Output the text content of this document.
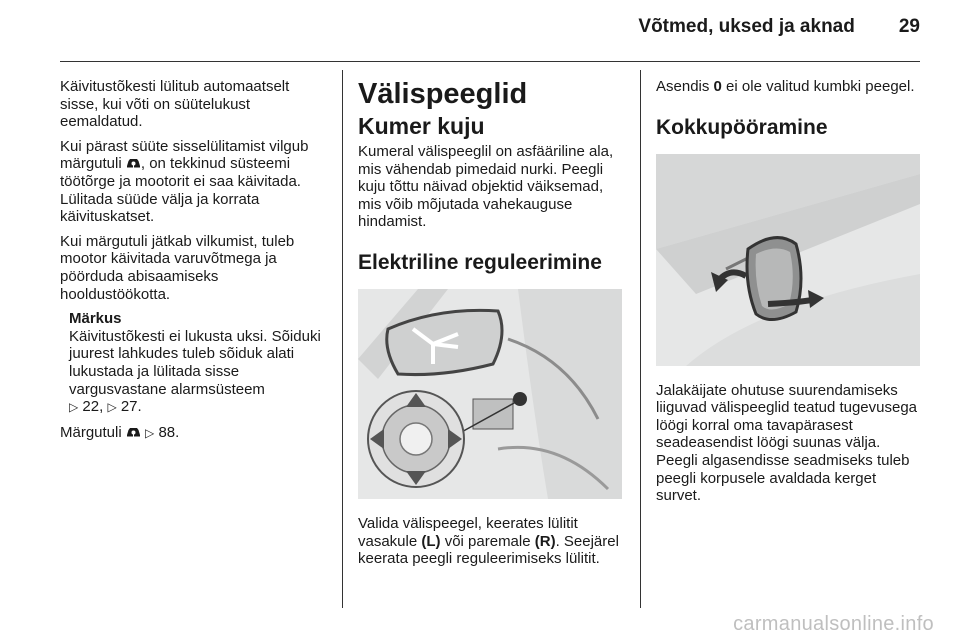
Võtmed, uksed ja aknad 29

Käivitustõkesti lülitub automaatselt sisse, kui võti on süütelukust eemaldatud.

Kui pärast süüte sisselülitamist vilgub märgutuli , on tekkinud süsteemi töötõrge ja mootorit ei saa käivitada. Lülitada süüde välja ja korrata käivituskatset.

Kui märgutuli jätkab vilkumist, tuleb mootor käivitada varuvõtmega ja pöörduda abisaamiseks hooldustöökotta.

Märkus
Käivitustõkesti ei lukusta uksi. Sõiduki juurest lahkudes tuleb sõiduk alati lukustada ja lülitada sisse vargusvastane alarmsüsteem
▷ 22, ▷ 27.

Märgutuli  ▷ 88.

Välispeeglid
Kumer kuju

Kumeral välispeeglil on asfääriline ala, mis vähendab pimedaid nurki. Peegli kuju tõttu näivad objektid väiksemad, mis võib mõjutada vahekauguse hindamist.

Elektriline reguleerimine

Valida välispeegel, keerates lülitit vasakule (L) või paremale (R). Seejärel keerata peegli reguleerimiseks lülitit.

Asendis 0 ei ole valitud kumbki peegel.

Kokkupööramine

Jalakäijate ohutuse suurendamiseks liiguvad välispeeglid teatud tugevusega löögi korral oma tavapärasest seadeasendist löögi suunas välja. Peegli algasendisse seadmiseks tuleb peegli korpusele avaldada kerget survet.

carmanualsonline.info
